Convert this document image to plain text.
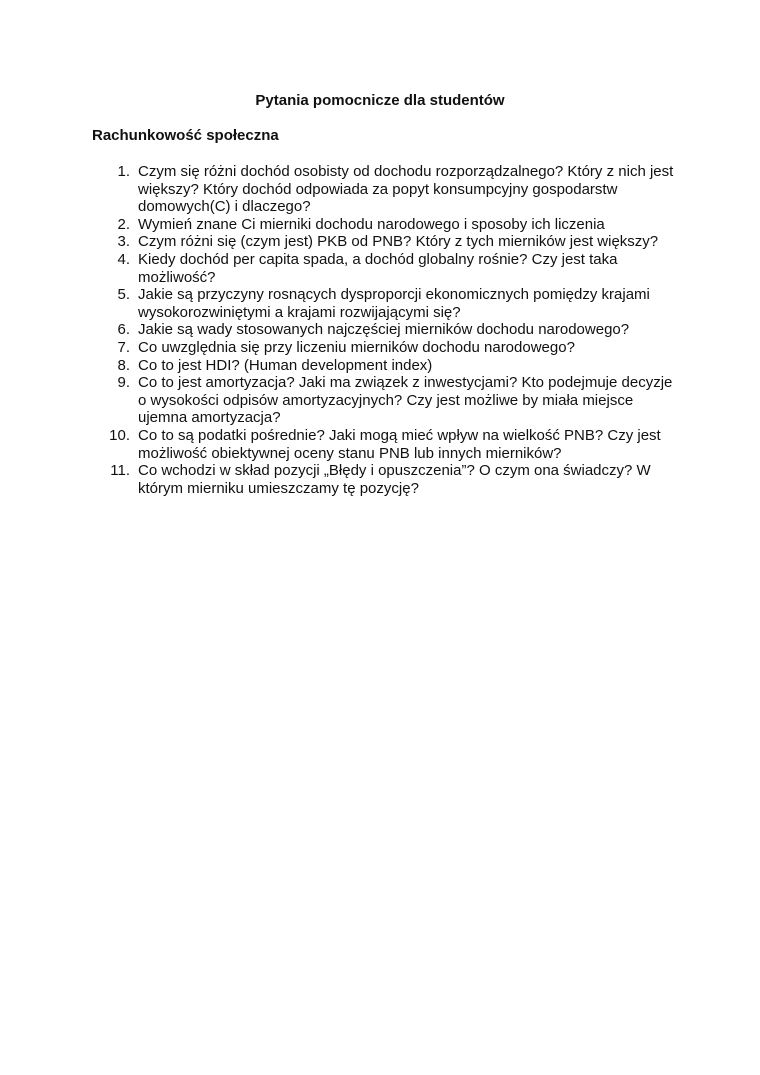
Pytania pomocnicze dla studentów
Rachunkowość społeczna
1. Czym się różni dochód osobisty od dochodu rozporządzalnego? Który z nich jest większy? Który dochód odpowiada za popyt konsumpcyjny gospodarstw domowych(C) i dlaczego?
2. Wymień znane Ci mierniki dochodu narodowego i sposoby ich liczenia
3. Czym różni się (czym jest) PKB od PNB? Który z tych mierników jest większy?
4. Kiedy dochód per capita spada, a dochód globalny rośnie? Czy jest taka możliwość?
5. Jakie są przyczyny rosnących dysproporcji ekonomicznych pomiędzy krajami wysokorozwiniętymi a krajami rozwijającymi się?
6. Jakie są wady stosowanych najczęściej mierników dochodu narodowego?
7. Co uwzględnia się przy liczeniu mierników dochodu narodowego?
8. Co to jest HDI? (Human development index)
9. Co to jest amortyzacja? Jaki ma związek z inwestycjami? Kto podejmuje decyzje o wysokości odpisów amortyzacyjnych? Czy jest możliwe by miała miejsce ujemna amortyzacja?
10. Co to są podatki pośrednie? Jaki mogą mieć wpływ na wielkość PNB? Czy jest możliwość obiektywnej oceny stanu PNB lub innych mierników?
11. Co wchodzi w skład pozycji „Błędy i opuszczenia”? O czym ona świadczy? W którym mierniku umieszczamy tę pozycję?
